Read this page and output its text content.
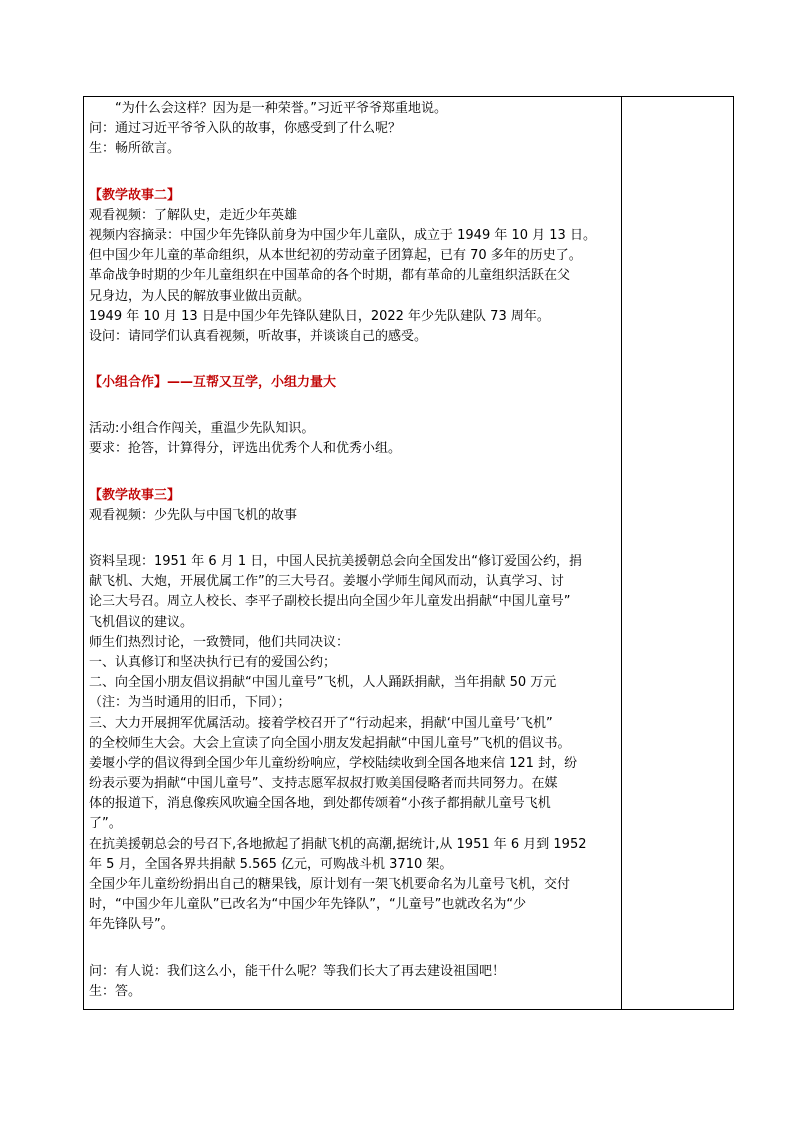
“为什么会这样？因为是一种荣誉。”习近平爷爷郑重地说。
问：通过习近平爷爷入队的故事，你感受到了什么呢？
生：畅所欲言。
【教学故事二】
观看视频：了解队史，走近少年英雄
视频内容摘录：中国少年先锋队前身为中国少年儿童队，成立于 1949 年 10 月 13 日。
但中国少年儿童的革命组织，从本世纪初的劳动童子团算起，已有 70 多年的历史了。
革命战争时期的少年儿童组织在中国革命的各个时期，都有革命的儿童组织活跃在父
兄身边，为人民的解放事业做出贡献。
1949 年 10 月 13 日是中国少年先锋队建队日，2022 年少先队建队 73 周年。
设问：请同学们认真看视频，听故事，并谈谈自己的感受。
【小组合作】——互帮又互学，小组力量大
活动:小组合作闯关，重温少先队知识。
要求：抢答，计算得分，评选出优秀个人和优秀小组。
【教学故事三】
观看视频：少先队与中国飞机的故事
资料呈现：1951 年 6 月 1 日，中国人民抗美援朝总会向全国发出“修订爱国公约，捐
献飞机、大炮，开展优属工作”的三大号召。姜堰小学师生闻风而动，认真学习、讨
论三大号召。周立人校长、李平子副校长提出向全国少年儿童发出捐献“中国儿童号”
飞机倡议的建议。
师生们热烈讨论，一致赞同，他们共同决议：
一、认真修订和坚决执行已有的爱国公约；
二、向全国小朋友倡议捐献“中国儿童号”飞机，人人踊跃捐献，当年捐献 50 万元
（注：为当时通用的旧币，下同）；
三、大力开展拥军优属活动。接着学校召开了“行动起来，捐献‘中国儿童号’飞机”
的全校师生大会。大会上宣读了向全国小朋友发起捐献“中国儿童号”飞机的倡议书。
姜堰小学的倡议得到全国少年儿童纷纷响应，学校陆续收到全国各地来信 121 封，纷
纷表示要为捐献“中国儿童号”、支持志愿军叔叔打败美国侵略者而共同努力。在媒
体的报道下，消息像疾风吹遍全国各地，到处都传颂着“小孩子都捐献儿童号飞机
了”。
在抗美援朝总会的号召下,各地掀起了捐献飞机的高潮,据统计,从 1951 年 6 月到 1952
年 5 月，全国各界共捐献 5.565 亿元，可购战斗机 3710 架。
全国少年儿童纷纷捐出自己的糖果钱，原计划有一架飞机要命名为儿童号飞机，交付
时，“中国少年儿童队”已改名为“中国少年先锋队”，“儿童号”也就改名为“少
年先锋队号”。
问：有人说：我们这么小，能干什么呢？等我们长大了再去建设祖国吧！
生：答。
